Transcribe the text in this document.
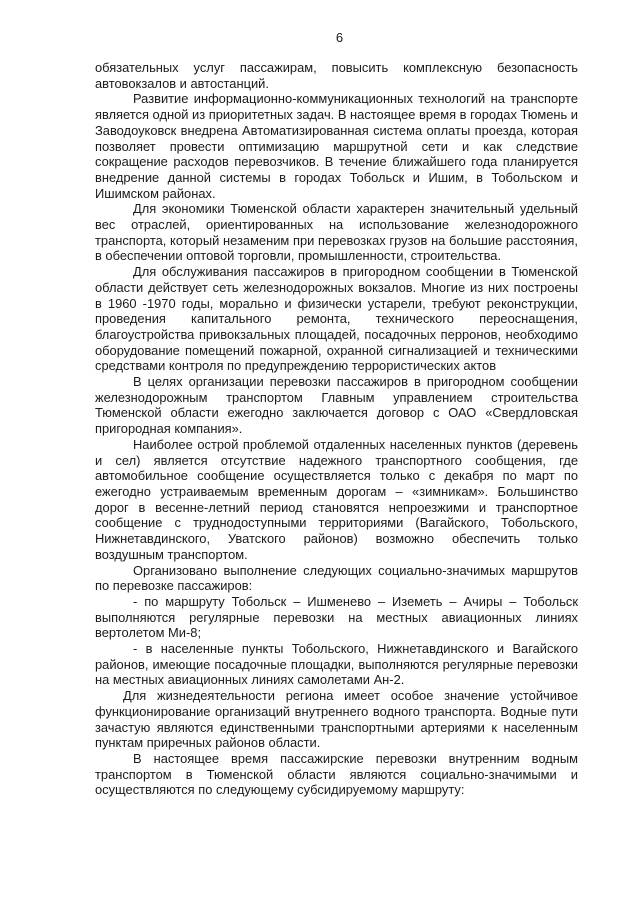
6

обязательных услуг пассажирам, повысить комплексную безопасность автовокзалов и автостанций.

Развитие информационно-коммуникационных технологий на транспорте является одной из приоритетных задач. В настоящее время в городах Тюмень и Заводоуковск внедрена Автоматизированная система оплаты проезда, которая позволяет провести оптимизацию маршрутной сети и как следствие сокращение расходов перевозчиков. В течение ближайшего года планируется внедрение данной системы в городах Тобольск и Ишим, в Тобольском и Ишимском районах.

Для экономики Тюменской области характерен значительный удельный вес отраслей, ориентированных на использование железнодорожного транспорта, который незаменим при перевозках грузов на большие расстояния, в обеспечении оптовой торговли, промышленности, строительства.

Для обслуживания пассажиров в пригородном сообщении в Тюменской области действует сеть железнодорожных вокзалов. Многие из них построены в 1960 -1970 годы, морально и физически устарели, требуют реконструкции, проведения капитального ремонта, технического переоснащения, благоустройства привокзальных площадей, посадочных перронов, необходимо оборудование помещений пожарной, охранной сигнализацией и техническими средствами контроля по предупреждению террористических актов

В целях организации перевозки пассажиров в пригородном сообщении железнодорожным транспортом Главным управлением строительства Тюменской области ежегодно заключается договор с ОАО «Свердловская пригородная компания».

Наиболее острой проблемой отдаленных населенных пунктов (деревень и сел) является отсутствие надежного транспортного сообщения, где автомобильное сообщение осуществляется только с декабря по март по ежегодно устраиваемым временным дорогам – «зимникам». Большинство дорог в весенне-летний период становятся непроезжими и транспортное сообщение с труднодоступными территориями (Вагайского, Тобольского, Нижнетавдинского, Уватского районов) возможно обеспечить только воздушным транспортом.

Организовано выполнение следующих социально-значимых маршрутов по перевозке пассажиров:

- по маршруту Тобольск – Ишменево – Иземеть – Ачиры – Тобольск выполняются регулярные перевозки на местных авиационных линиях вертолетом Ми-8;

- в населенные пункты Тобольского, Нижнетавдинского и Вагайского районов, имеющие посадочные площадки, выполняются регулярные перевозки на местных авиационных линиях самолетами Ан-2.

Для жизнедеятельности региона имеет особое значение устойчивое функционирование организаций внутреннего водного транспорта. Водные пути зачастую являются единственными транспортными артериями к населенным пунктам приречных районов области.

В настоящее время пассажирские перевозки внутренним водным транспортом в Тюменской области являются социально-значимыми и осуществляются по следующему субсидируемому маршруту:
